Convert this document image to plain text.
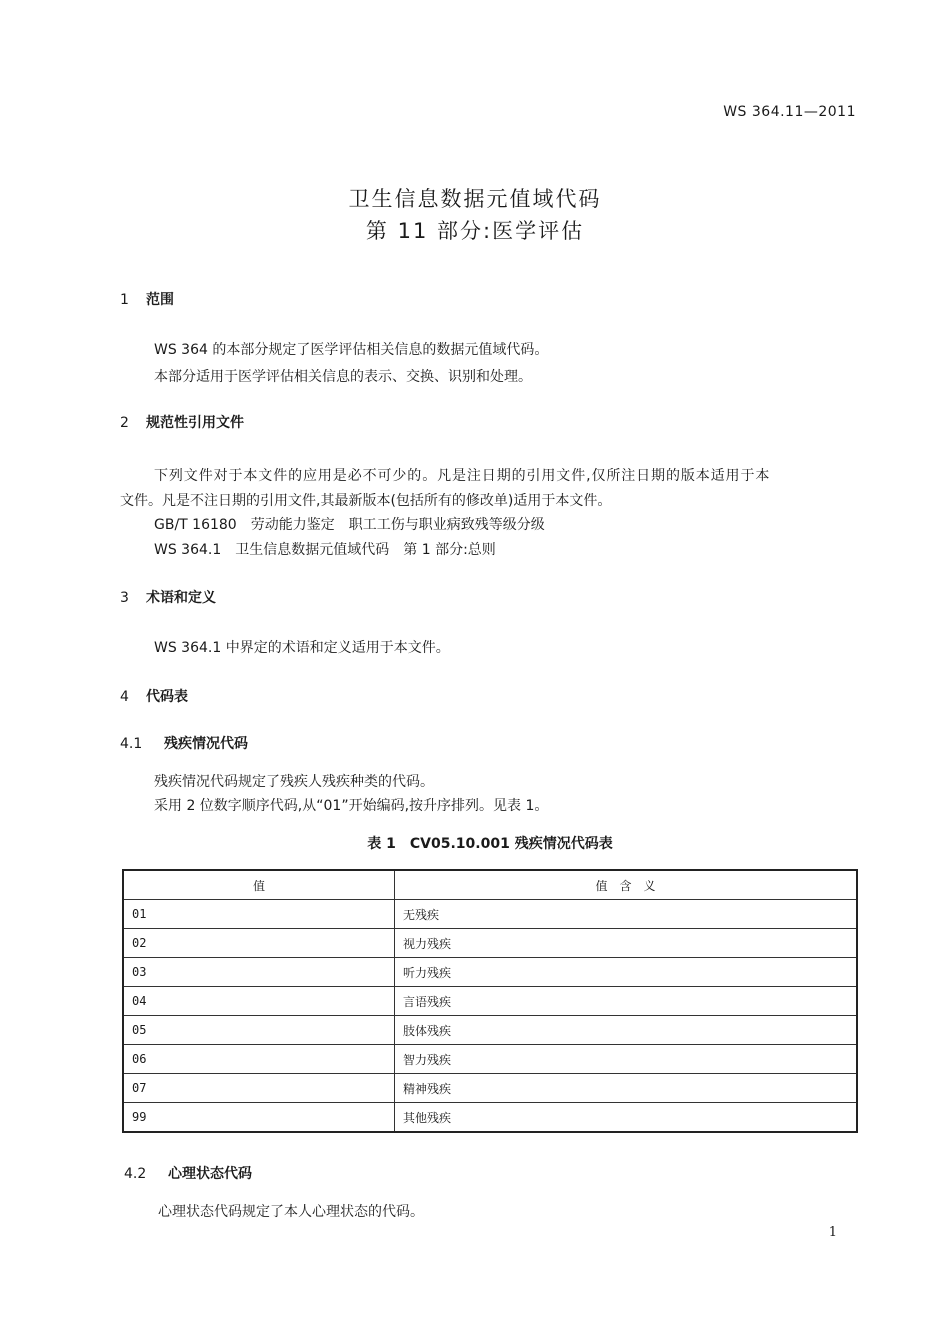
WS 364.11—2011
卫生信息数据元值域代码
第 11 部分:医学评估
1 范围
WS 364 的本部分规定了医学评估相关信息的数据元值域代码。
本部分适用于医学评估相关信息的表示、交换、识别和处理。
2 规范性引用文件
下列文件对于本文件的应用是必不可少的。凡是注日期的引用文件,仅所注日期的版本适用于本
文件。凡是不注日期的引用文件,其最新版本(包括所有的修改单)适用于本文件。
GB/T 16180　劳动能力鉴定　职工工伤与职业病致残等级分级
WS 364.1　卫生信息数据元值域代码　第 1 部分:总则
3 术语和定义
WS 364.1 中界定的术语和定义适用于本文件。
4 代码表
4.1 残疾情况代码
残疾情况代码规定了残疾人残疾种类的代码。
采用 2 位数字顺序代码,从“01”开始编码,按升序排列。见表 1。
表 1　CV05.10.001 残疾情况代码表
值	值　含　义
01	无残疾
02	视力残疾
03	听力残疾
04	言语残疾
05	肢体残疾
06	智力残疾
07	精神残疾
99	其他残疾
4.2 心理状态代码
心理状态代码规定了本人心理状态的代码。
1
